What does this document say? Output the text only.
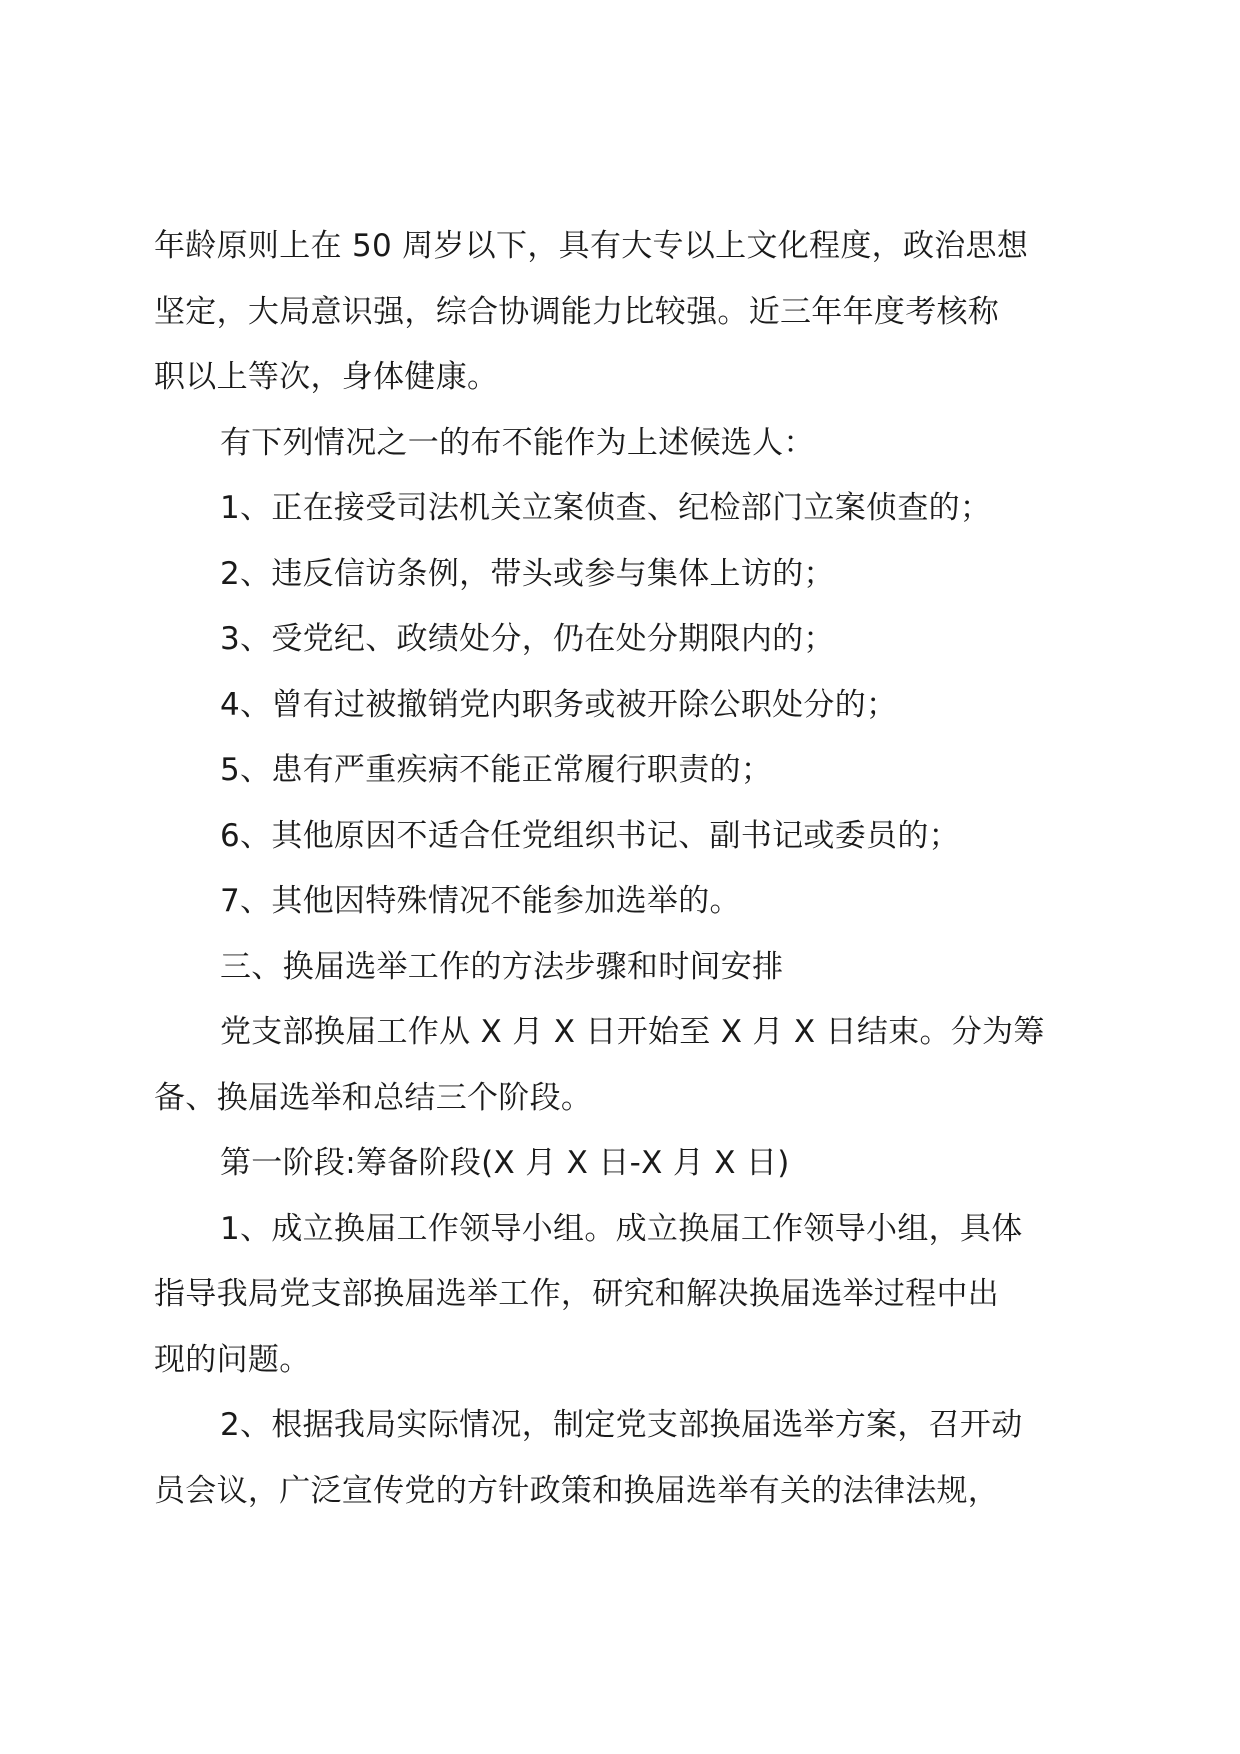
年龄原则上在 50 周岁以下，具有大专以上文化程度，政治思想
坚定，大局意识强，综合协调能力比较强。近三年年度考核称
职以上等次，身体健康。
有下列情况之一的布不能作为上述候选人：
1、正在接受司法机关立案侦查、纪检部门立案侦查的；
2、违反信访条例，带头或参与集体上访的；
3、受党纪、政绩处分，仍在处分期限内的；
4、曾有过被撤销党内职务或被开除公职处分的；
5、患有严重疾病不能正常履行职责的；
6、其他原因不适合任党组织书记、副书记或委员的；
7、其他因特殊情况不能参加选举的。
三、换届选举工作的方法步骤和时间安排
党支部换届工作从 X 月 X 日开始至 X 月 X 日结束。分为筹
备、换届选举和总结三个阶段。
第一阶段:筹备阶段(X 月 X 日-X 月 X 日)
1、成立换届工作领导小组。成立换届工作领导小组，具体
指导我局党支部换届选举工作，研究和解决换届选举过程中出
现的问题。
2、根据我局实际情况，制定党支部换届选举方案，召开动
员会议，广泛宣传党的方针政策和换届选举有关的法律法规，
